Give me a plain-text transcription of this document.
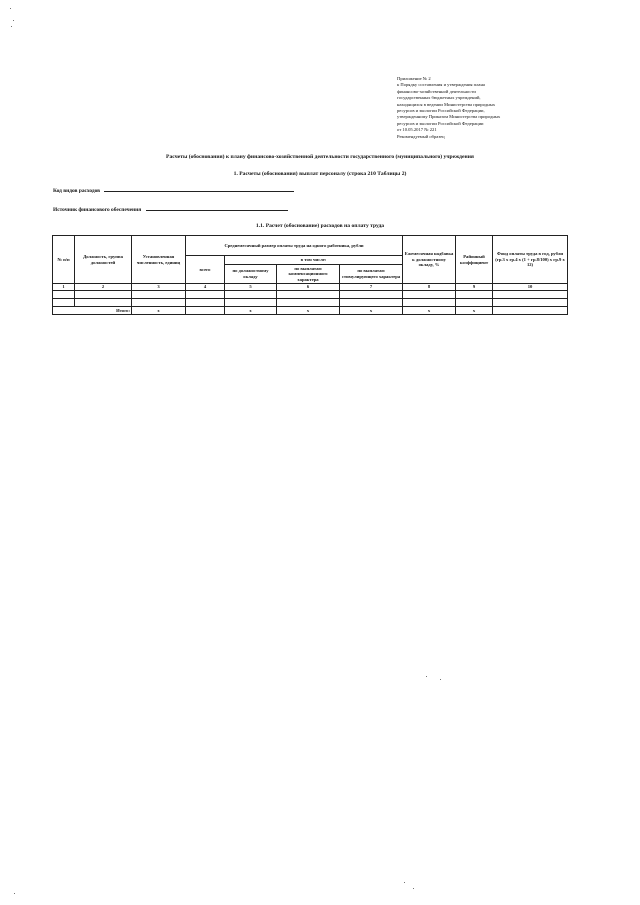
Приложение № 2
к Порядку составления и утверждения плана
финансово-хозяйственной деятельности
государственных бюджетных учреждений,
находящихся в ведении Министерства природных
ресурсов и экологии Российской Федерации,
утвержденному Приказом Министерства природных
ресурсов и экологии Российской Федерации
от 10.05.2017 № 221
Рекомендуемый образец
Расчеты (обоснования) к плану финансово-хозяйственной деятельности государственного (муниципального) учреждения
1. Расчеты (обоснования) выплат персоналу (строка 210 Таблицы 2)
Код видов расходов
Источник финансового обеспечения
1.1. Расчет (обоснование) расходов на оплату труда
№ п/п	Должность, группа должностей	Установленная численность, единиц	Среднемесячный размер оплаты труда на одного работника, рубли				Ежемесячная надбавка к должностному окладу, %	Районный коэффициент	Фонд оплаты труда в год, рубли (гр.3 x гр.4 x (1 + гр.8/100) x гр.9 x 12)
			всего	в том числе:					
				по должностному окладу	по выплатам компенсационного характера	по выплатам стимулирующего характера			
1	2	3	4	5	6	7	8	9	10

Итого:		x		x	x	x	x	x	
